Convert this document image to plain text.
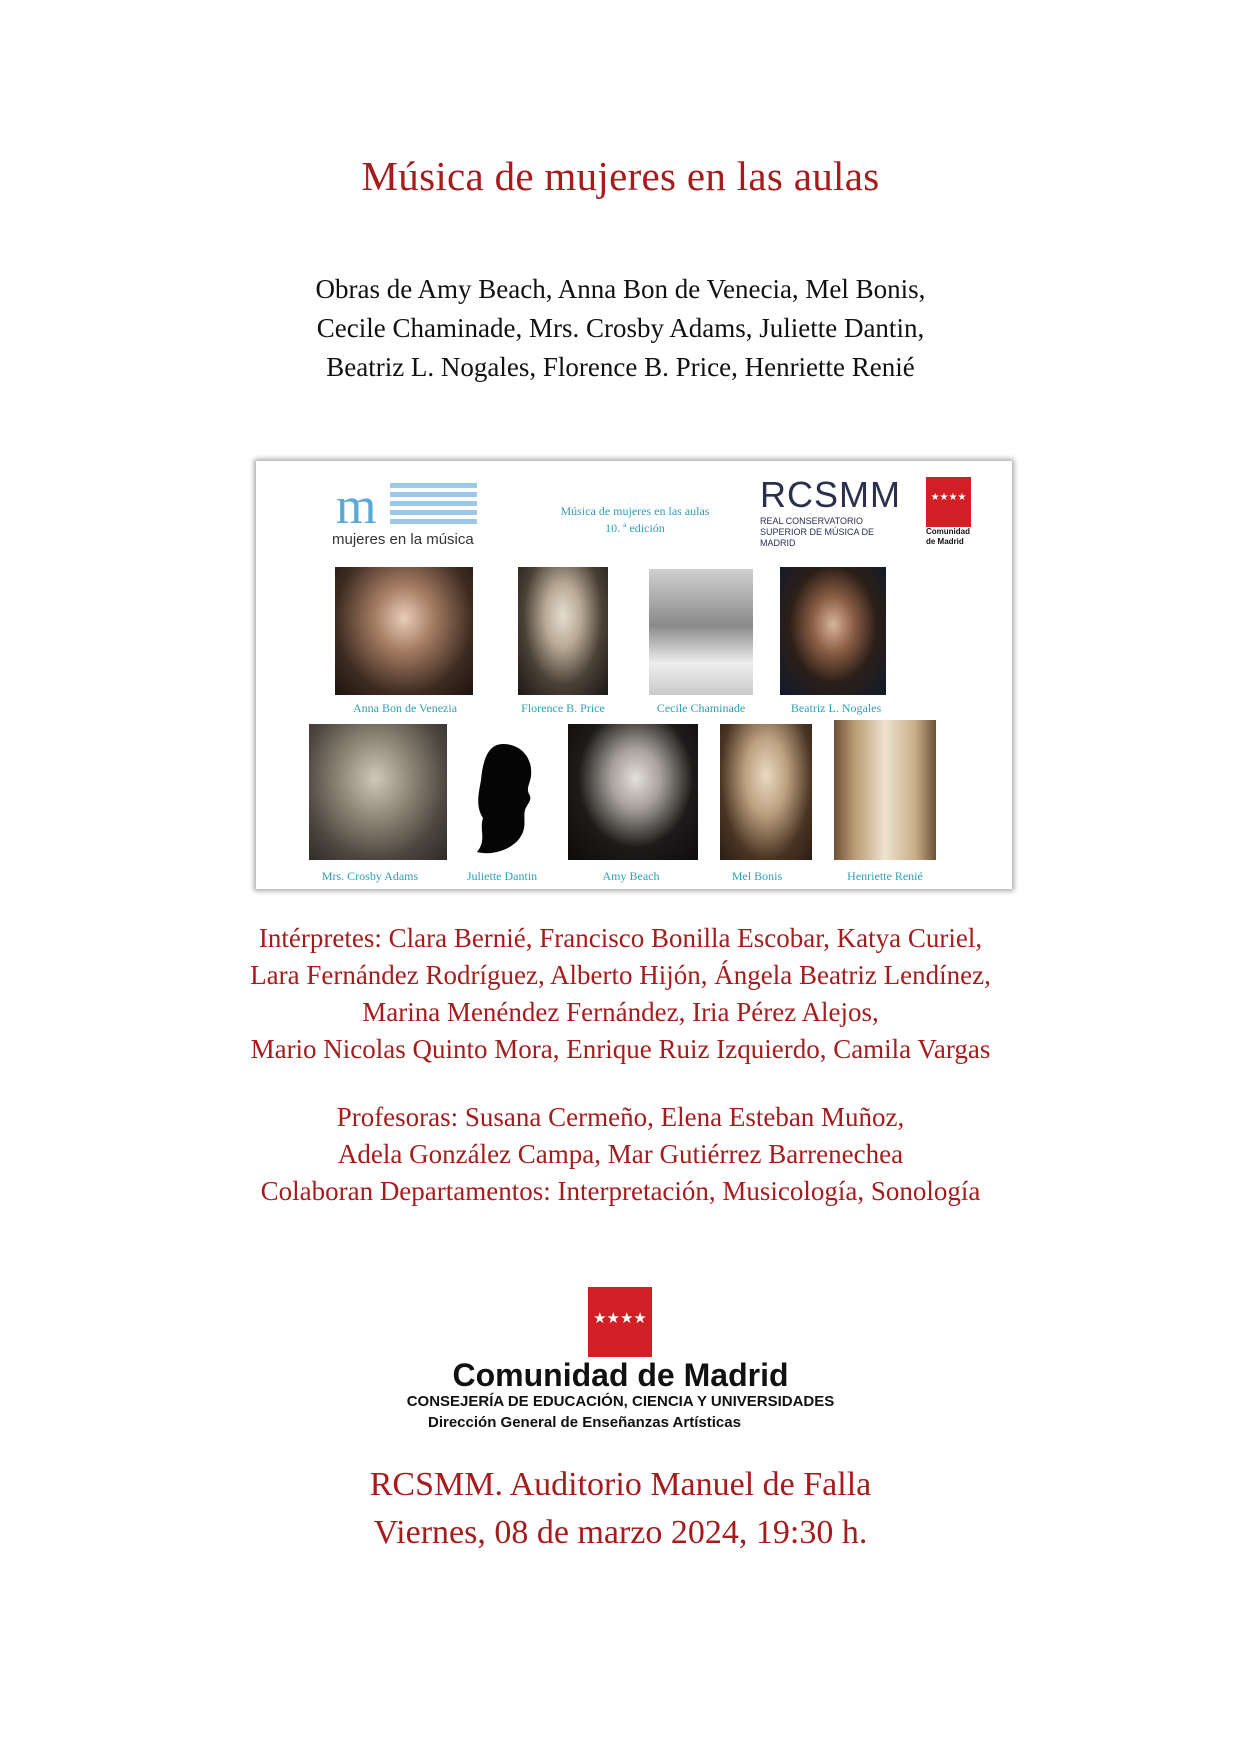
Música de mujeres en las aulas
Obras de Amy Beach, Anna Bon de Venecia, Mel Bonis,
Cecile Chaminade, Mrs. Crosby Adams, Juliette Dantin,
Beatriz L. Nogales, Florence B. Price, Henriette Renié
m
mujeres en la música
Música de mujeres en las aulas
10. ª edición
RCSMM
REAL CONSERVATORIO
SUPERIOR DE MÚSICA DE MADRID
★★★★
Comunidad
de Madrid
Anna Bon de Venezia	Florence B. Price	Cecile Chaminade	Beatriz L. Nogales
Mrs. Crosby Adams	Juliette Dantin	Amy Beach	Mel Bonis	Henriette Renié
Intérpretes: Clara Bernié, Francisco Bonilla Escobar, Katya Curiel,
Lara Fernández Rodríguez, Alberto Hijón, Ángela Beatriz Lendínez,
Marina Menéndez Fernández, Iria Pérez Alejos,
Mario Nicolas Quinto Mora, Enrique Ruiz Izquierdo, Camila Vargas
Profesoras: Susana Cermeño, Elena Esteban Muñoz,
Adela González Campa, Mar Gutiérrez Barrenechea
Colaboran Departamentos: Interpretación, Musicología, Sonología
★★★★
Comunidad de Madrid
CONSEJERÍA DE EDUCACIÓN, CIENCIA Y UNIVERSIDADES
Dirección General de Enseñanzas Artísticas
RCSMM. Auditorio Manuel de Falla
Viernes, 08 de marzo 2024, 19:30 h.
